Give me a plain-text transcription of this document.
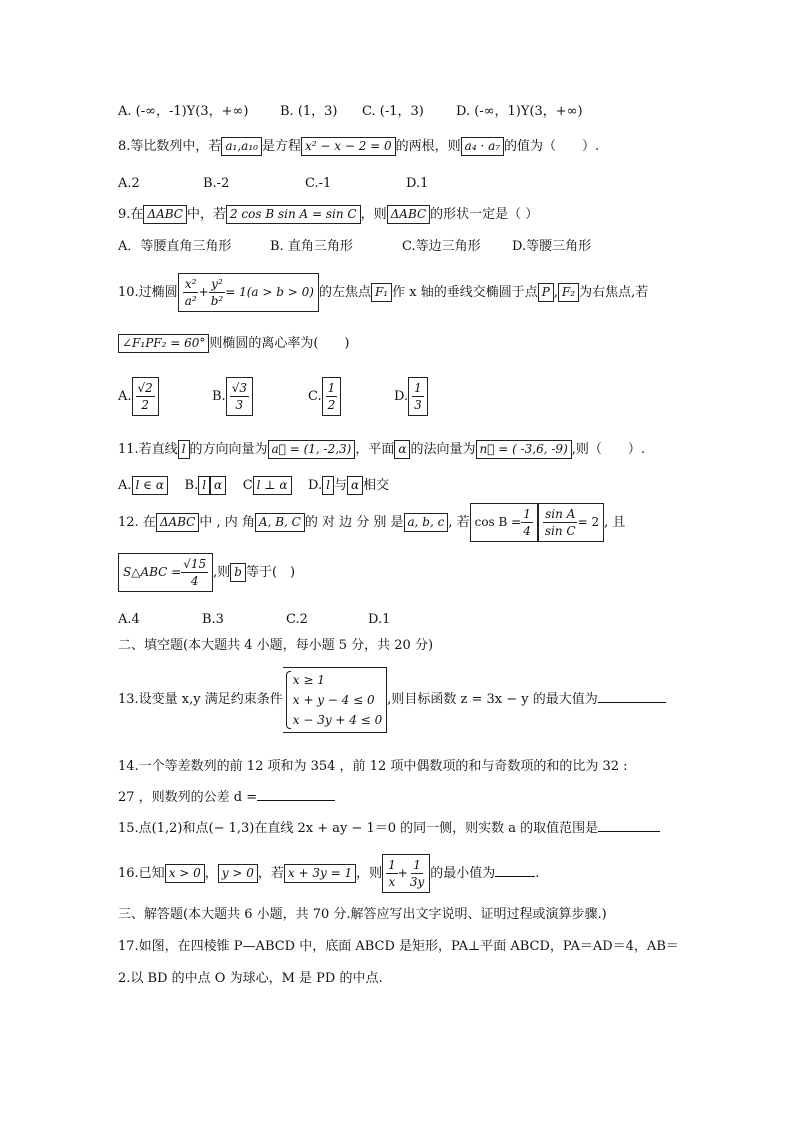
A. (-∞，-1)Y(3，+∞) B. (1，3) C. (-1，3) D. (-∞，1)Y(3，+∞)
8.等比数列中，若 a₁,a₁₀ 是方程 x² − x − 2 = 0 的两根，则 a₄ · a₇ 的值为（　　）.
A.2	B.-2	C.-1	D.1
9.在 ΔABC 中，若 2 cos B sin A = sin C ，则 ΔABC 的形状一定是（ ）
A．等腰直角三角形	B. 直角三角形	C.等边三角形 D.等腰三角形
10.过椭圆 $\frac{\text{x²}}{\text{a²}} + \frac{\text{y²}}{\text{b²}} = 1(a > b > 0)$ 的左焦点 F₁ 作 x 轴的垂线交椭圆于点 P , F₂ 为右焦点,若
∠F₁PF₂ = 60° 则椭圆的离心率为(　　)
A. $\frac{√2}{2}$	B. $\frac{√3}{3}$	C. $\frac{1}{2}$	D. $\frac{1}{3}$
11.若直线 l 的方向向量为 a⃗ = (1, -2,3) ，平面 α 的法向量为 n⃗ = ( -3,6, -9) ,则（　　）.
A. l ∈ α B. l α C l ⊥ α D. l 与 α 相交
12. 在 ΔABC 中 , 内 角 A, B, C 的 对 边 分 别 是 a, b, c , 若 $\cos B = \frac{1}{4} \frac{\text{sin A}}{\text{sin C}} = 2$ , 且
S△ABC = $\frac{√15}{4}$ ,则 b 等于(　)
A.4	B.3	C.2	D.1
二、填空题(本大题共 4 小题，每小题 5 分，共 20 分)
13.设变量 x,y 满足约束条件
x ≥ 1
x + y − 4 ≤ 0
x − 3y + 4 ≤ 0
,则目标函数 z = 3x − y 的最大值为
14.一个等差数列的前 12 项和为 354 ，前 12 项中偶数项的和与奇数项的和的比为 32 :
27 ，则数列的公差 d =
15.点(1,2)和点(− 1,3)在直线 2x + ay − 1＝0 的同一侧，则实数 a 的取值范围是
16.已知 x > 0 ， y > 0 ，若 x + 3y = 1 ，则 $\frac{1}{x} + \frac{1}{3y}$ 的最小值为	.
三、解答题(本大题共 6 小题，共 70 分.解答应写出文字说明、证明过程或演算步骤.)
17.如图，在四棱锥 P—ABCD 中，底面 ABCD 是矩形，PA⊥平面 ABCD，PA＝AD＝4，AB＝
2.以 BD 的中点 O 为球心，M 是 PD 的中点.
